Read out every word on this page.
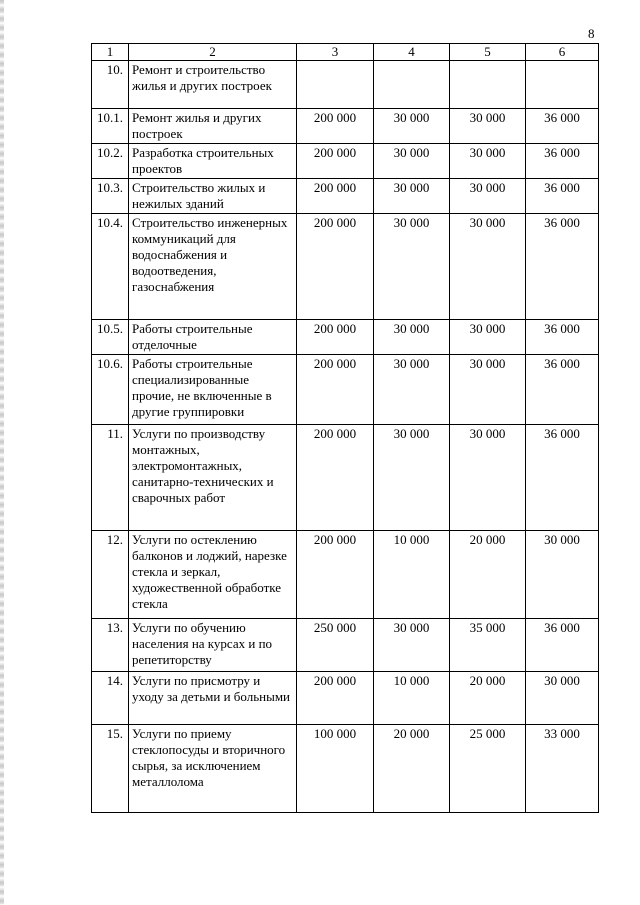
8
1	2	3	4	5	6
10.	Ремонт и строительство жилья и других построек				
10.1.	Ремонт жилья и других построек	200 000	30 000	30 000	36 000
10.2.	Разработка строительных проектов	200 000	30 000	30 000	36 000
10.3.	Строительство жилых и нежилых зданий	200 000	30 000	30 000	36 000
10.4.	Строительство инженерных коммуникаций для водоснабжения и водоотведения, газоснабжения	200 000	30 000	30 000	36 000
10.5.	Работы строительные отделочные	200 000	30 000	30 000	36 000
10.6.	Работы строительные специализированные прочие, не включенные в другие группировки	200 000	30 000	30 000	36 000
11.	Услуги по производству монтажных, электромонтажных, санитарно-технических и сварочных работ	200 000	30 000	30 000	36 000
12.	Услуги по остеклению балконов и лоджий, нарезке стекла и зеркал, художественной обработке стекла	200 000	10 000	20 000	30 000
13.	Услуги по обучению населения на курсах и по репетиторству	250 000	30 000	35 000	36 000
14.	Услуги по присмотру и уходу за детьми и больными	200 000	10 000	20 000	30 000
15.	Услуги по приему стеклопосуды и вторичного сырья, за исключением металлолома	100 000	20 000	25 000	33 000
